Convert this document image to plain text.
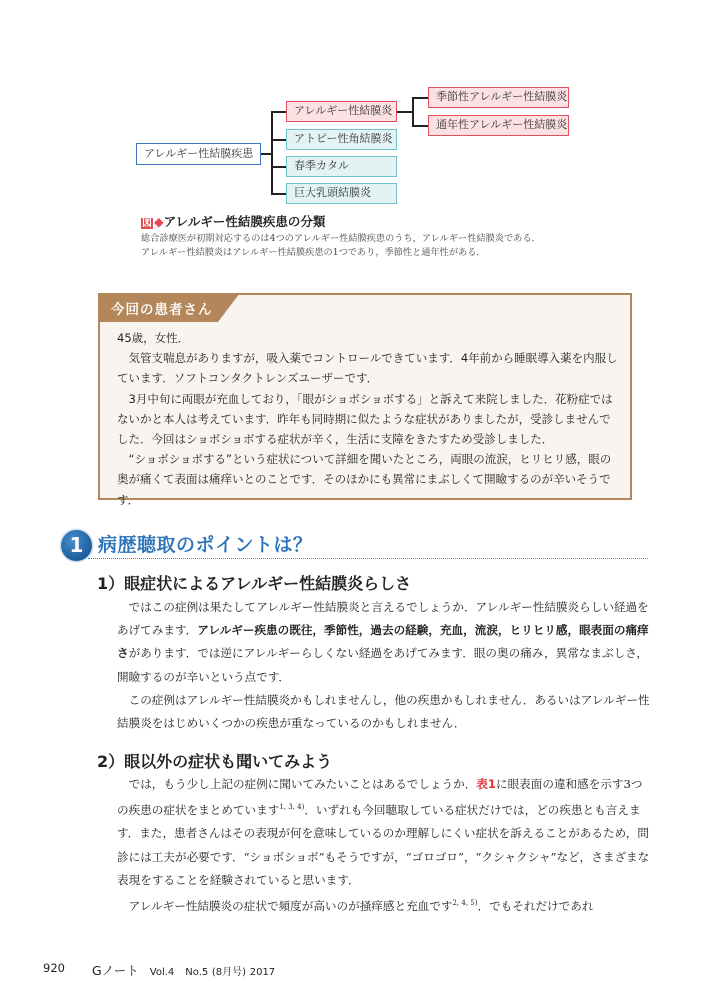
アレルギー性結膜疾患
アレルギー性結膜炎
アトピー性角結膜炎
春季カタル
巨大乳頭結膜炎
季節性アレルギー性結膜炎
通年性アレルギー性結膜炎
図 ◆アレルギー性結膜疾患の分類
総合診療医が初期対応するのは4つのアレルギー性結膜疾患のうち，アレルギー性結膜炎である．
アレルギー性結膜炎はアレルギー性結膜疾患の1つであり，季節性と通年性がある．
今回の患者さん

45歳，女性．

気管支喘息がありますが，吸入薬でコントロールできています．4年前から睡眠導入薬を内服しています．ソフトコンタクトレンズユーザーです．

3月中旬に両眼が充血しており，「眼がショボショボする」と訴えて来院しました．花粉症ではないかと本人は考えています．昨年も同時期に似たような症状がありましたが，受診しませんでした．今回はショボショボする症状が辛く，生活に支障をきたすため受診しました．

“ショボショボする”という症状について詳細を聞いたところ，両眼の流涙，ヒリヒリ感，眼の奥が痛くて表面は痛痒いとのことです．そのほかにも異常にまぶしくて開瞼するのが辛いそうです．

1 病歴聴取のポイントは？
1）眼症状によるアレルギー性結膜炎らしさ

ではこの症例は果たしてアレルギー性結膜炎と言えるでしょうか．アレルギー性結膜炎らしい経過をあげてみます．アレルギー疾患の既往，季節性，過去の経験，充血，流涙，ヒリヒリ感，眼表面の痛痒さがあります．では逆にアレルギーらしくない経過をあげてみます．眼の奥の痛み，異常なまぶしさ，開瞼するのが辛いという点です．

この症例はアレルギー性結膜炎かもしれませんし，他の疾患かもしれません．あるいはアレルギー性結膜炎をはじめいくつかの疾患が重なっているのかもしれません．

2）眼以外の症状も聞いてみよう

では，もう少し上記の症例に聞いてみたいことはあるでしょうか．表1に眼表面の違和感を示す3つの疾患の症状をまとめています$^{1, 3, 4)}$．いずれも今回聴取している症状だけでは，どの疾患とも言えます．また，患者さんはその表現が何を意味しているのか理解しにくい症状を訴えることがあるため，問診には工夫が必要です．“ショボショボ”もそうですが，“ゴロゴロ”，“クシャクシャ”など，さまざまな表現をすることを経験されていると思います．

アレルギー性結膜炎の症状で頻度が高いのが掻痒感と充血です$^{2, 4, 5)}$．でもそれだけであれ

920 Gノート Vol.4 No.5 (8月号) 2017
